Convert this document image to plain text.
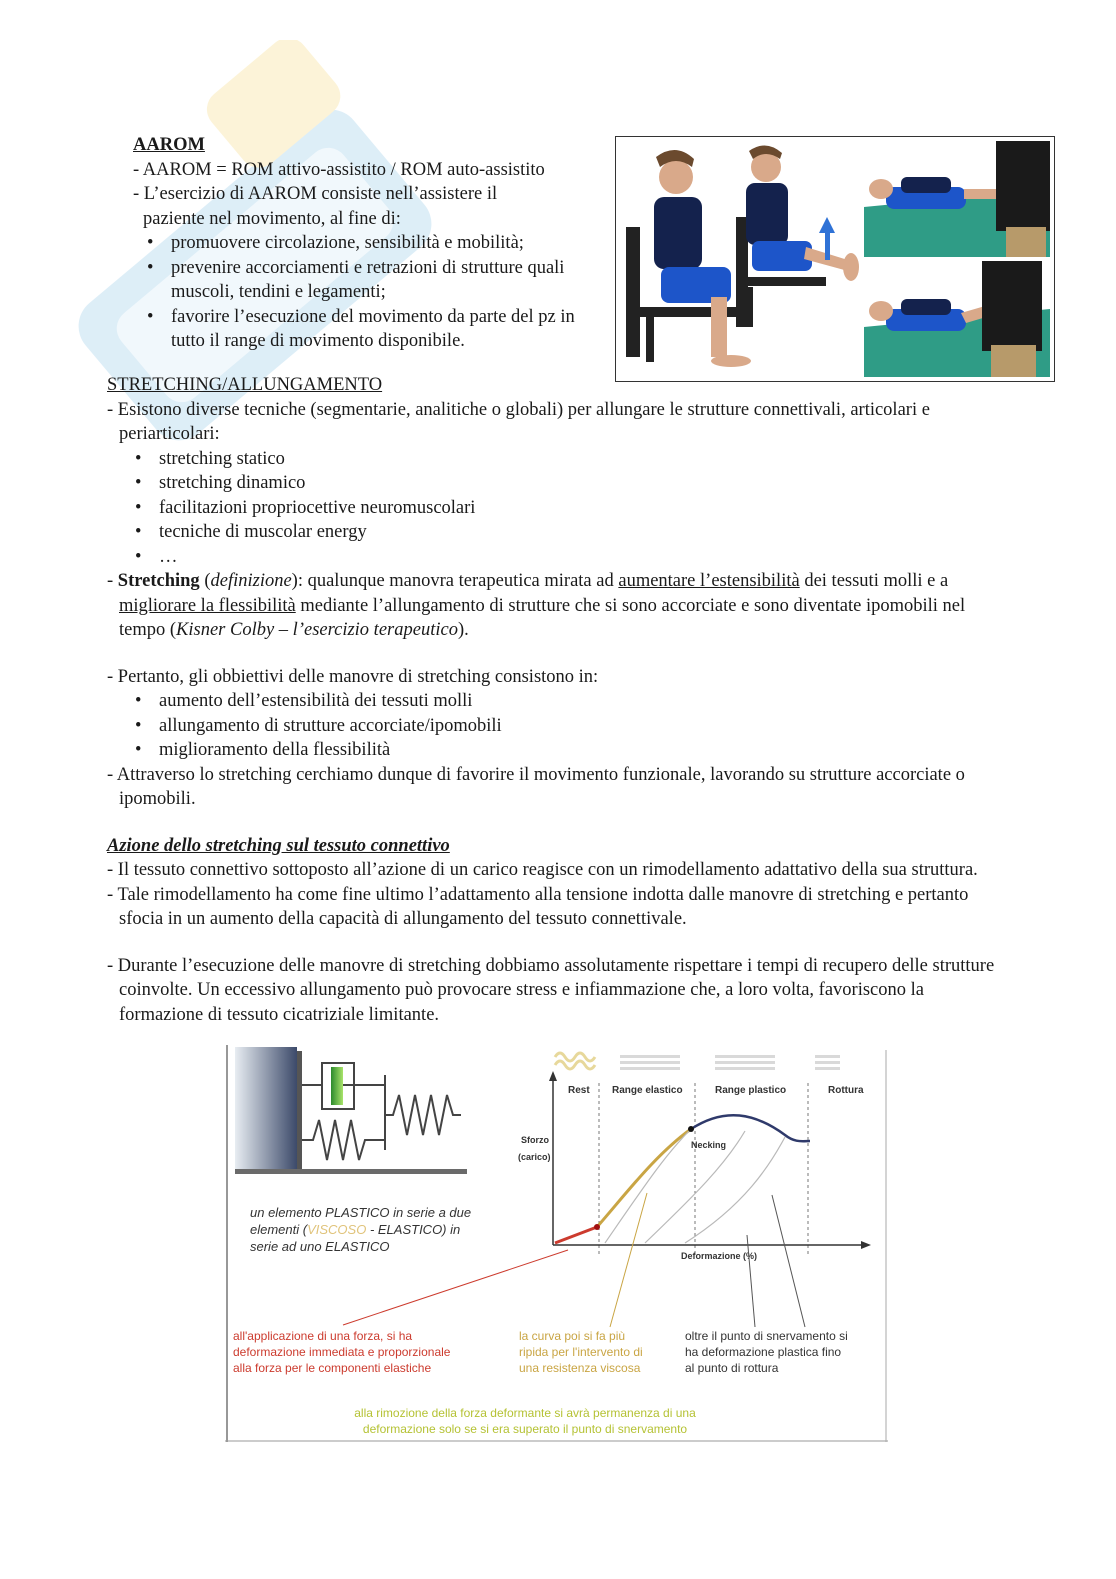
AAROM
- AAROM = ROM attivo-assistito / ROM auto-assistito
- L’esercizio di AAROM consiste nell’assistere il
paziente nel movimento, al fine di:
• promuovere circolazione, sensibilità e mobilità;
• prevenire accorciamenti e retrazioni di strutture quali muscoli, tendini e legamenti;
• favorire l’esecuzione del movimento da parte del pz in tutto il range di movimento disponibile.
STRETCHING/ALLUNGAMENTO
- Esistono diverse tecniche (segmentarie, analitiche o globali) per allungare le strutture connettivali, articolari e periarticolari:
• stretching statico
• stretching dinamico
• facilitazioni propriocettive neuromuscolari
• tecniche di muscolar energy
• …
- Stretching (definizione): qualunque manovra terapeutica mirata ad aumentare l’estensibilità dei tessuti molli e a migliorare la flessibilità mediante l’allungamento di strutture che si sono accorciate e sono diventate ipomobili nel tempo (Kisner Colby – l’esercizio terapeutico).
- Pertanto, gli obbiettivi delle manovre di stretching consistono in:
• aumento dell’estensibilità dei tessuti molli
• allungamento di strutture accorciate/ipomobili
• miglioramento della flessibilità
- Attraverso lo stretching cerchiamo dunque di favorire il movimento funzionale, lavorando su strutture accorciate o ipomobili.
Azione dello stretching sul tessuto connettivo
- Il tessuto connettivo sottoposto all’azione di un carico reagisce con un rimodellamento adattativo della sua struttura.
- Tale rimodellamento ha come fine ultimo l’adattamento alla tensione indotta dalle manovre di stretching e pertanto sfocia in un aumento della capacità di allungamento del tessuto connettivale.
- Durante l’esecuzione delle manovre di stretching dobbiamo assolutamente rispettare i tempi di recupero delle strutture coinvolte. Un eccessivo allungamento può provocare stress e infiammazione che, a loro volta, favoriscono la formazione di tessuto cicatriziale limitante.
un elemento PLASTICO in serie a due
elementi (VISCOSO - ELASTICO) in
serie ad uno ELASTICO
Rest Range elastico	Range plastico	Rottura
Sforzo
(carico)
Deformazione (%)
Necking
all'applicazione di una forza, si ha
deformazione immediata e proporzionale
alla forza per le componenti elastiche
la curva poi si fa più
ripida per l'intervento di
una resistenza viscosa
oltre il punto di snervamento si
ha deformazione plastica fino
al punto di rottura
alla rimozione della forza deformante si avrà permanenza di una
deformazione solo se si era superato il punto di snervamento
